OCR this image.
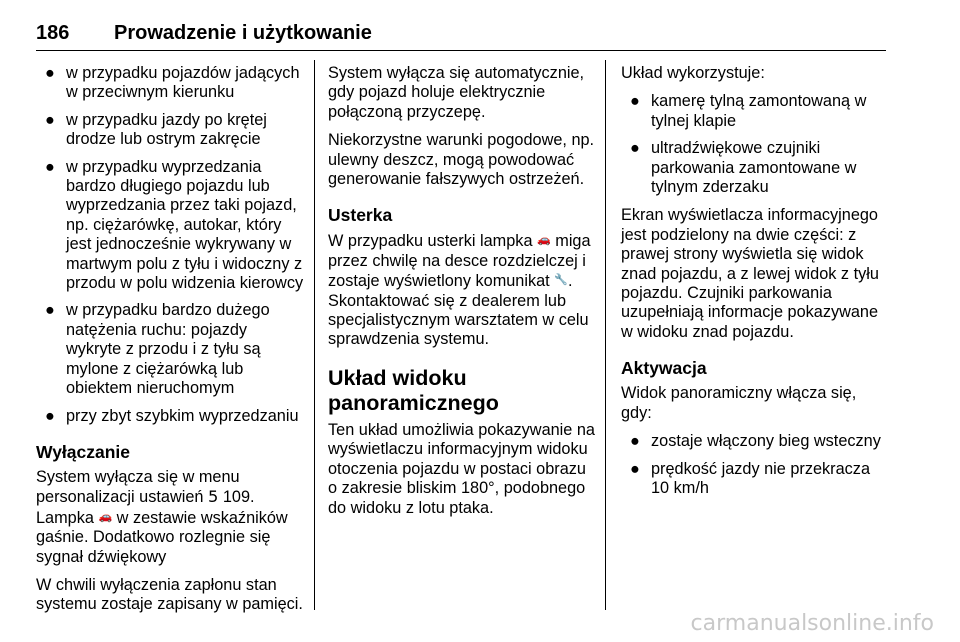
186 Prowadzenie i użytkowanie
● w przypadku pojazdów jadących w przeciwnym kierunku
● w przypadku jazdy po krętej drodze lub ostrym zakręcie
● w przypadku wyprzedzania bardzo długiego pojazdu lub wyprzedzania przez taki pojazd, np. ciężarówkę, autokar, który jest jednocześnie wykrywany w martwym polu z tyłu i widoczny z przodu w polu widzenia kierowcy
● w przypadku bardzo dużego natężenia ruchu: pojazdy wykryte z przodu i z tyłu są mylone z ciężarówką lub obiektem nieruchomym
● przy zbyt szybkim wyprzedzaniu
Wyłączanie

System wyłącza się w menu personalizacji ustawień 5 109.
Lampka 🚗 w zestawie wskaźników gaśnie. Dodatkowo rozlegnie się sygnał dźwiękowy

W chwili wyłączenia zapłonu stan systemu zostaje zapisany w pamięci.

System wyłącza się automatycznie, gdy pojazd holuje elektrycznie połączoną przyczepę.

Niekorzystne warunki pogodowe, np. ulewny deszcz, mogą powodować generowanie fałszywych ostrzeżeń.

Usterka

W przypadku usterki lampka 🚗 miga przez chwilę na desce rozdzielczej i zostaje wyświetlony komunikat 🔧. Skontaktować się z dealerem lub specjalistycznym warsztatem w celu sprawdzenia systemu.

Układ widoku panoramicznego

Ten układ umożliwia pokazywanie na wyświetlaczu informacyjnym widoku otoczenia pojazdu w postaci obrazu o zakresie bliskim 180°, podobnego do widoku z lotu ptaka.

Układ wykorzystuje:

● kamerę tylną zamontowaną w tylnej klapie
● ultradźwiękowe czujniki parkowania zamontowane w tylnym zderzaku

Ekran wyświetlacza informacyjnego jest podzielony na dwie części: z prawej strony wyświetla się widok znad pojazdu, a z lewej widok z tyłu pojazdu. Czujniki parkowania uzupełniają informacje pokazywane w widoku znad pojazdu.

Aktywacja

Widok panoramiczny włącza się, gdy:

● zostaje włączony bieg wsteczny
● prędkość jazdy nie przekracza 10 km/h
carmanualsonline.info
